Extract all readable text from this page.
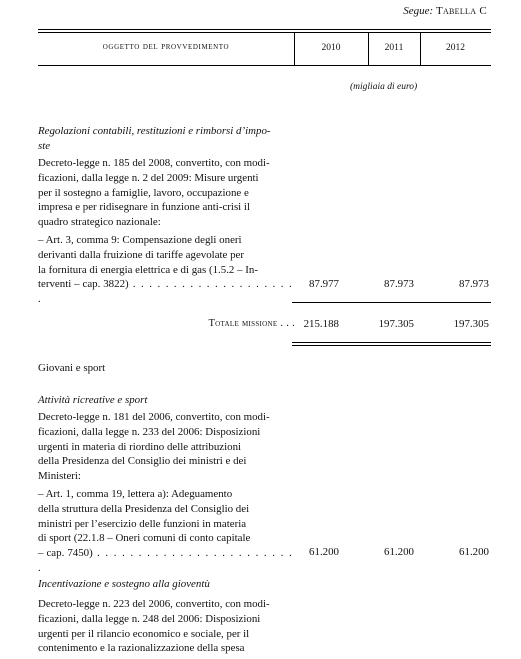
Segue: Tabella C
oggetto del provvedimento	2010	2011	2012
(migliaia di euro)
Regolazioni contabili, restituzioni e rimborsi d’impo-
ste
Decreto-legge n. 185 del 2008, convertito, con modi-
ficazioni, dalla legge n. 2 del 2009: Misure urgenti
per il sostegno a famiglie, lavoro, occupazione e
impresa e per ridisegnare in funzione anti-crisi il
quadro strategico nazionale:
– Art. 3, comma 9: Compensazione degli oneri
derivanti dalla fruizione di tariffe agevolate per
la fornitura di energia elettrica e di gas (1.5.2 – In-
terventi – cap. 3822) . . . . . . . . . . . . . . . . . . . . .
87.977	87.973	87.973
Totale missione . . . 215.188	197.305	197.305
Giovani e sport
Attività ricreative e sport
Decreto-legge n. 181 del 2006, convertito, con modi-
ficazioni, dalla legge n. 233 del 2006: Disposizioni
urgenti in materia di riordino delle attribuzioni
della Presidenza del Consiglio dei ministri e dei
Ministeri:
– Art. 1, comma 19, lettera a): Adeguamento
della struttura della Presidenza del Consiglio dei
ministri per l’esercizio delle funzioni in materia
di sport (22.1.8 – Oneri comuni di conto capitale
– cap. 7450) . . . . . . . . . . . . . . . . . . . . . . . . .
61.200	61.200	61.200
Incentivazione e sostegno alla gioventù
Decreto-legge n. 223 del 2006, convertito, con modi-
ficazioni, dalla legge n. 248 del 2006: Disposizioni
urgenti per il rilancio economico e sociale, per il
contenimento e la razionalizzazione della spesa
